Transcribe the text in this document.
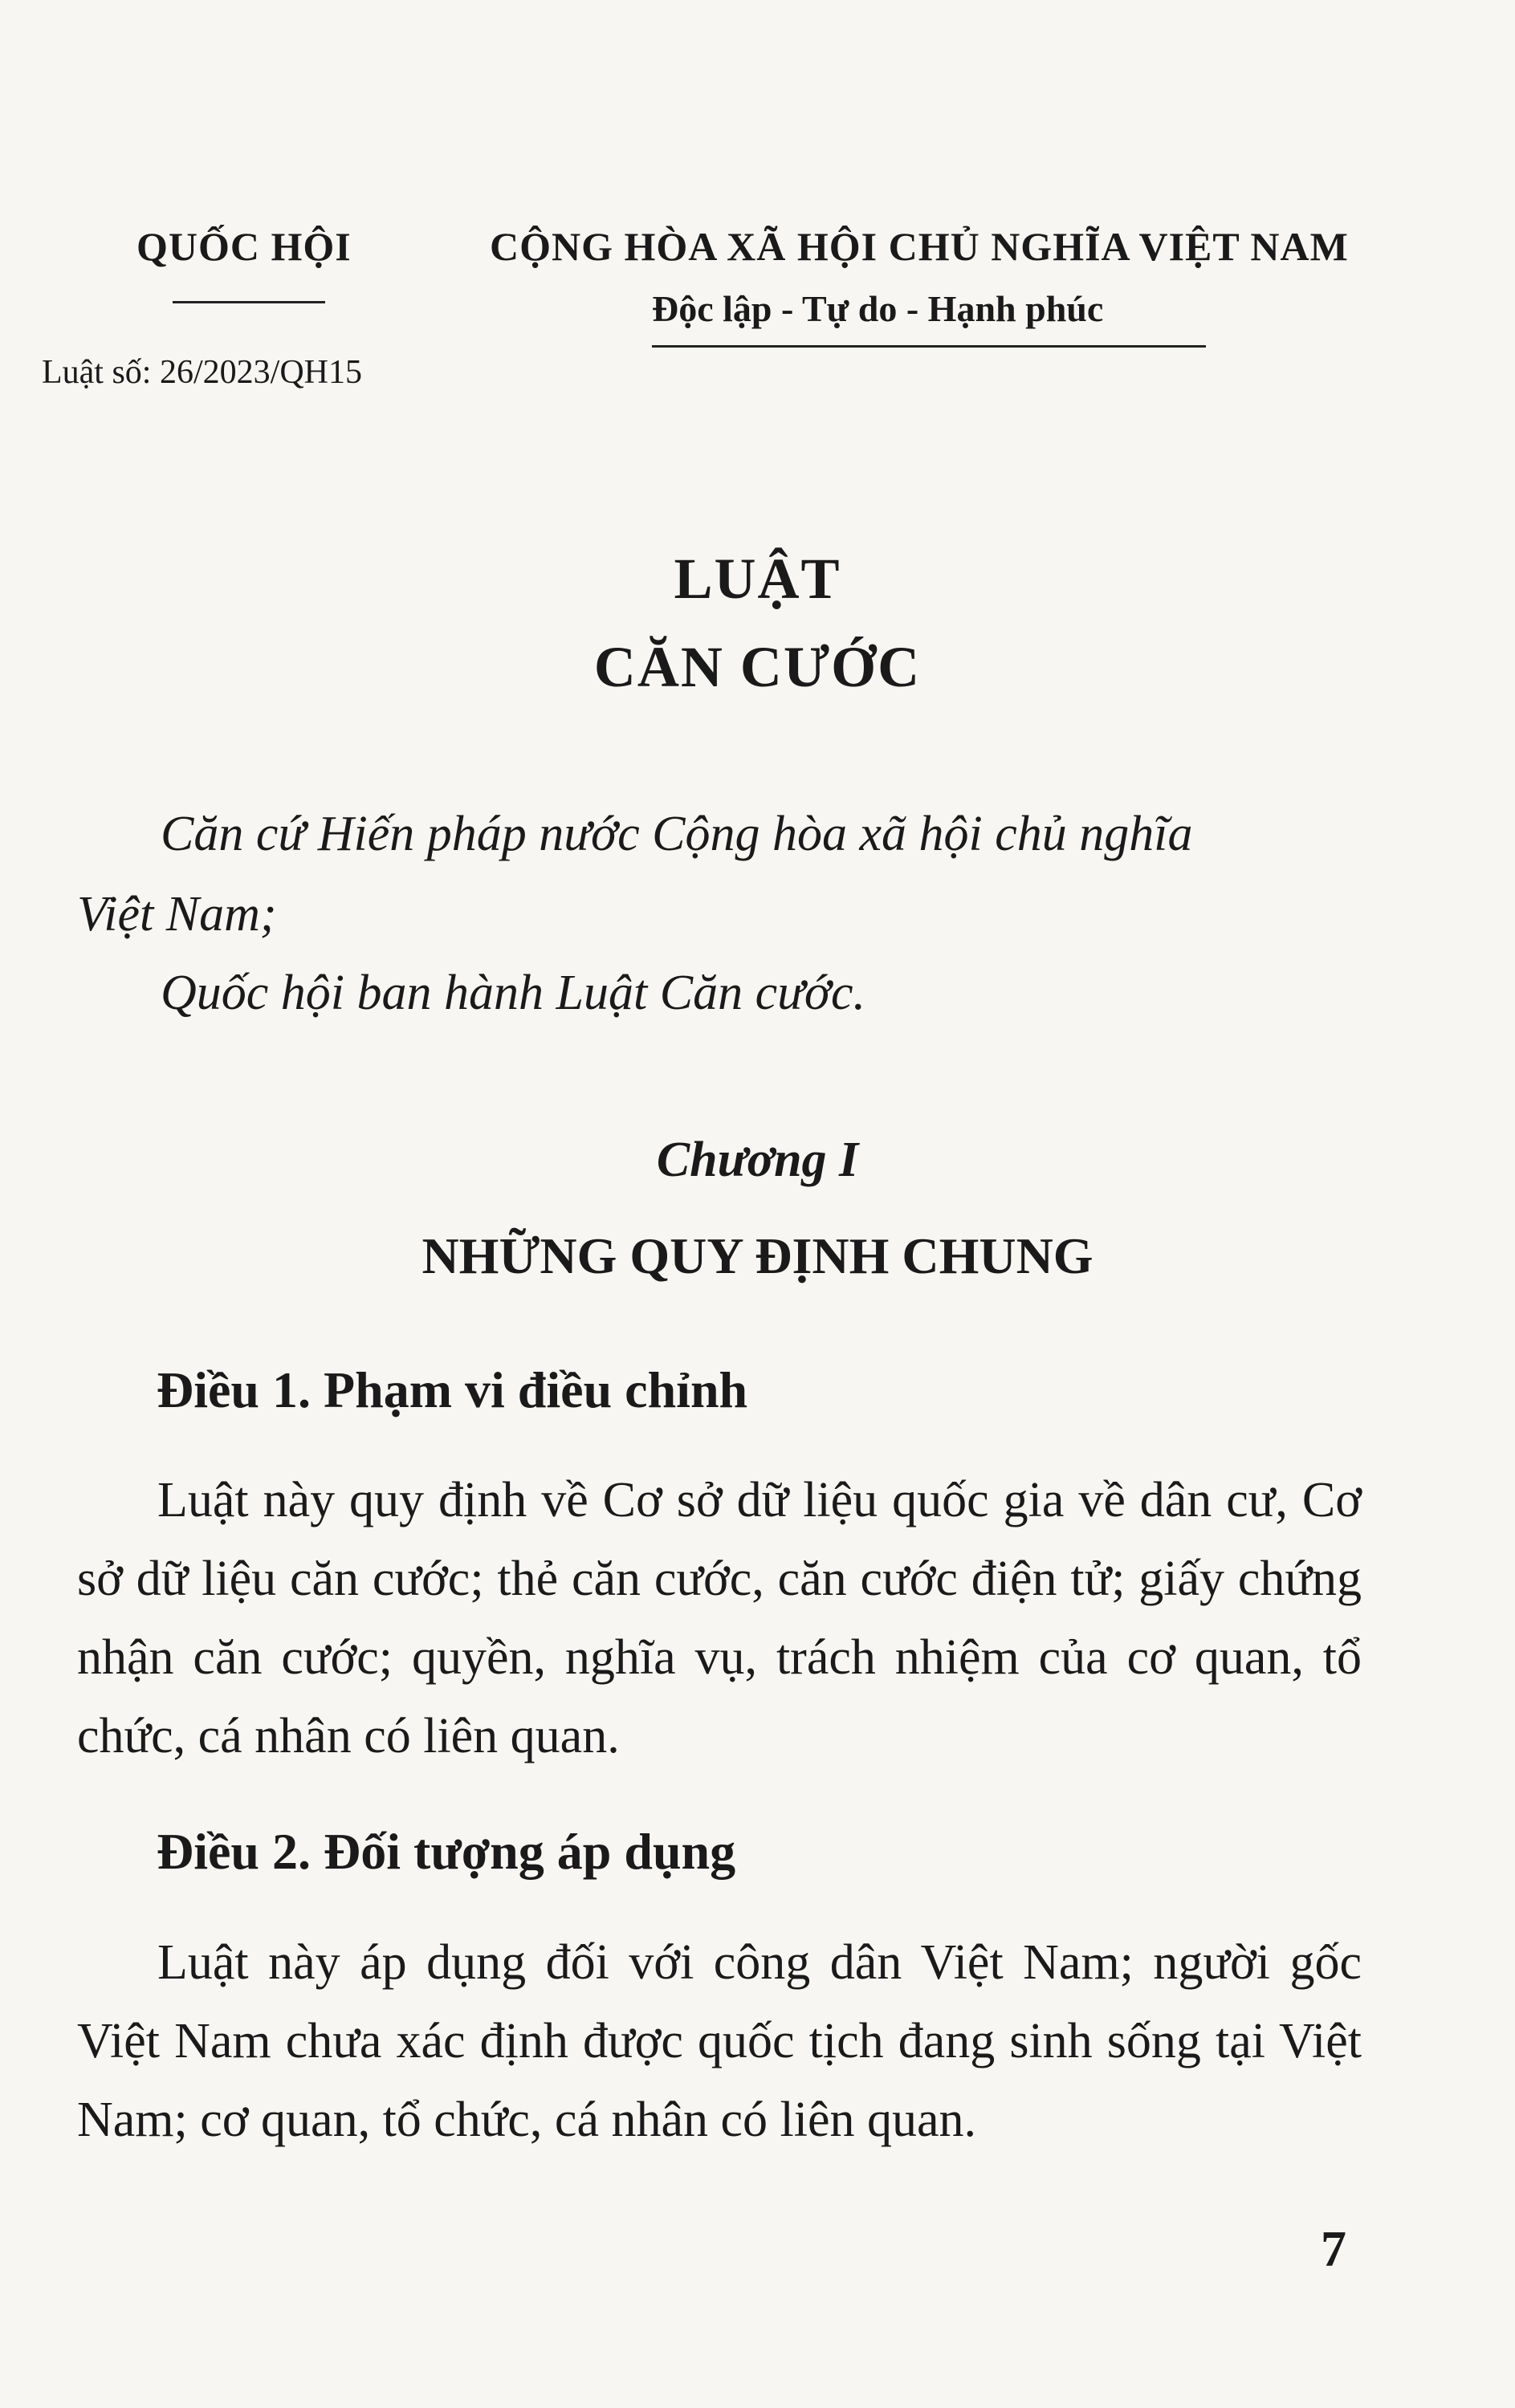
QUỐC HỘI
Luật số: 26/2023/QH15
CỘNG HÒA XÃ HỘI CHỦ NGHĨA VIỆT NAM
Độc lập - Tự do - Hạnh phúc
LUẬT
CĂN CƯỚC
Căn cứ Hiến pháp nước Cộng hòa xã hội chủ nghĩa
Việt Nam;
Quốc hội ban hành Luật Căn cước.
Chương I
NHỮNG QUY ĐỊNH CHUNG
Điều 1. Phạm vi điều chỉnh
Luật này quy định về Cơ sở dữ liệu quốc gia về dân cư, Cơ sở dữ liệu căn cước; thẻ căn cước, căn cước điện tử; giấy chứng nhận căn cước; quyền, nghĩa vụ, trách nhiệm của cơ quan, tổ chức, cá nhân có liên quan.
Điều 2. Đối tượng áp dụng
Luật này áp dụng đối với công dân Việt Nam; người gốc Việt Nam chưa xác định được quốc tịch đang sinh sống tại Việt Nam; cơ quan, tổ chức, cá nhân có liên quan.
7
